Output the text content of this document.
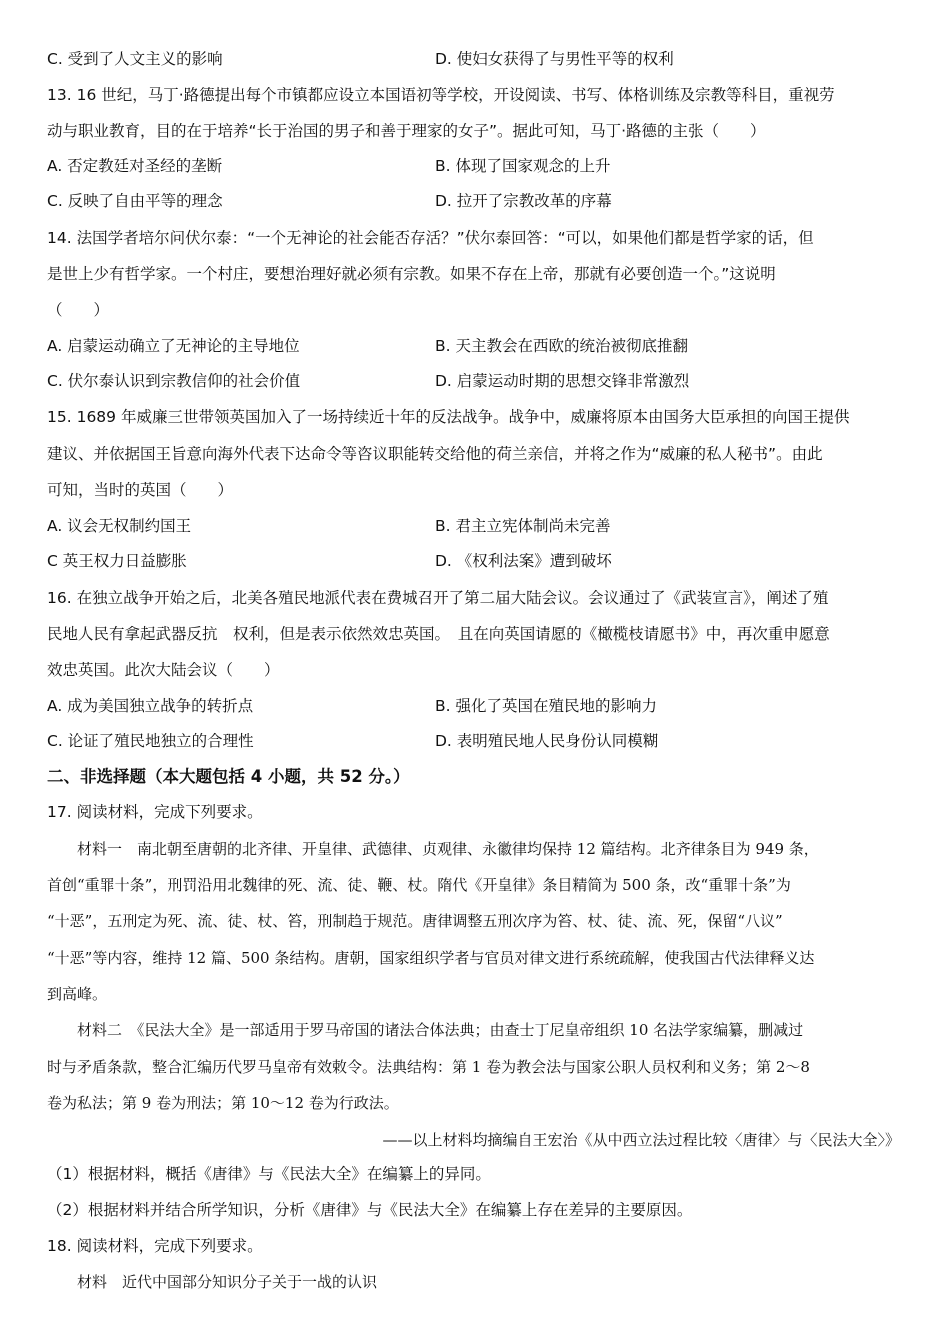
C. 受到了人文主义的影响	D. 使妇女获得了与男性平等的权利
13. 16 世纪，马丁·路德提出每个市镇都应设立本国语初等学校，开设阅读、书写、体格训练及宗教等科目，重视劳
动与职业教育，目的在于培养“长于治国的男子和善于理家的女子”。据此可知，马丁·路德的主张（　　）
A. 否定教廷对圣经的垄断	B. 体现了国家观念的上升
C. 反映了自由平等的理念	D. 拉开了宗教改革的序幕
14. 法国学者培尔问伏尔泰：“一个无神论的社会能否存活？”伏尔泰回答：“可以，如果他们都是哲学家的话，但
是世上少有哲学家。一个村庄，要想治理好就必须有宗教。如果不存在上帝，那就有必要创造一个。”这说明
（　　）
A. 启蒙运动确立了无神论的主导地位	B. 天主教会在西欧的统治被彻底推翻
C. 伏尔泰认识到宗教信仰的社会价值	D. 启蒙运动时期的思想交锋非常激烈
15. 1689 年威廉三世带领英国加入了一场持续近十年的反法战争。战争中，威廉将原本由国务大臣承担的向国王提供
建议、并依据国王旨意向海外代表下达命令等咨议职能转交给他的荷兰亲信，并将之作为“威廉的私人秘书”。由此
可知，当时的英国（　　）
A. 议会无权制约国王	B. 君主立宪体制尚未完善
C 英王权力日益膨胀	D. 《权利法案》遭到破坏
16. 在独立战争开始之后，北美各殖民地派代表在费城召开了第二届大陆会议。会议通过了《武装宣言》，阐述了殖
民地人民有拿起武器反抗　权利，但是表示依然效忠英国。　且在向英国请愿的《橄榄枝请愿书》中，再次重申愿意
效忠英国。此次大陆会议（　　）
A. 成为美国独立战争的转折点	B. 强化了英国在殖民地的影响力
C. 论证了殖民地独立的合理性	D. 表明殖民地人民身份认同模糊
二、非选择题（本大题包括 4 小题，共 52 分。）
17. 阅读材料，完成下列要求。
　　材料一　南北朝至唐朝的北齐律、开皇律、武德律、贞观律、永徽律均保持 12 篇结构。北齐律条目为 949 条，
首创“重罪十条”，刑罚沿用北魏律的死、流、徒、鞭、杖。隋代《开皇律》条目精简为 500 条，改“重罪十条”为
“十恶”，五刑定为死、流、徒、杖、笞，刑制趋于规范。唐律调整五刑次序为笞、杖、徒、流、死，保留“八议”
“十恶”等内容，维持 12 篇、500 条结构。唐朝，国家组织学者与官员对律文进行系统疏解，使我国古代法律释义达
到高峰。
　　材料二　《民法大全》是一部适用于罗马帝国的诸法合体法典；由查士丁尼皇帝组织 10 名法学家编纂，删减过
时与矛盾条款，整合汇编历代罗马皇帝有效敕令。法典结构：第 1 卷为教会法与国家公职人员权利和义务；第 2～8
卷为私法；第 9 卷为刑法；第 10～12 卷为行政法。
——以上材料均摘编自王宏治《从中西立法过程比较〈唐律〉与〈民法大全〉》
（1）根据材料，概括《唐律》与《民法大全》在编纂上的异同。
（2）根据材料并结合所学知识，分析《唐律》与《民法大全》在编纂上存在差异的主要原因。
18. 阅读材料，完成下列要求。
　　材料　近代中国部分知识分子关于一战的认识
